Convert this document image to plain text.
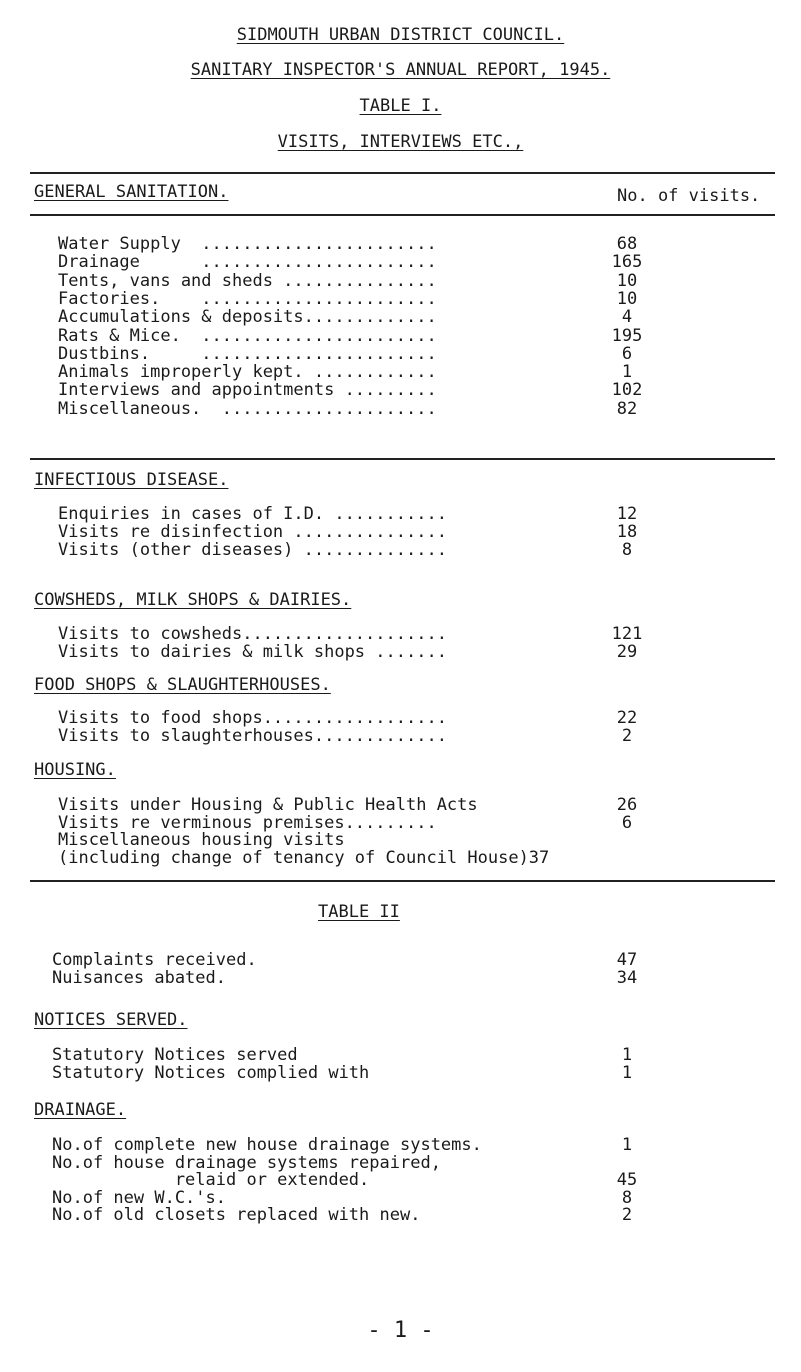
SIDMOUTH URBAN DISTRICT COUNCIL.
SANITARY INSPECTOR'S ANNUAL REPORT, 1945.
TABLE I.
VISITS, INTERVIEWS ETC.,
GENERAL SANITATION.	No. of visits.
Water Supply  .......................	68
Drainage      .......................	165
Tents, vans and sheds ...............	10
Factories.    .......................	10
Accumulations & deposits.............	4
Rats & Mice.  .......................	195
Dustbins.     .......................	6
Animals improperly kept. ............	1
Interviews and appointments .........	102
Miscellaneous.  .....................	82
INFECTIOUS DISEASE.
Enquiries in cases of I.D. ...........	12
Visits re disinfection ...............	18
Visits (other diseases) ..............	8
COWSHEDS, MILK SHOPS & DAIRIES.
Visits to cowsheds....................	121
Visits to dairies & milk shops .......	29
FOOD SHOPS & SLAUGHTERHOUSES.
Visits to food shops..................	22
Visits to slaughterhouses.............	2
HOUSING.
Visits under Housing & Public Health Acts	26
Visits re verminous premises.........	6
Miscellaneous housing visits
(including change of tenancy of Council House)37
TABLE II
Complaints received.	47
Nuisances abated.	34
NOTICES SERVED.
Statutory Notices served	1
Statutory Notices complied with	1
DRAINAGE.
No.of complete new house drainage systems.	1
No.of house drainage systems repaired,
relaid or extended.	45
No.of new W.C.'s.	8
No.of old closets replaced with new.	2
- 1 -
